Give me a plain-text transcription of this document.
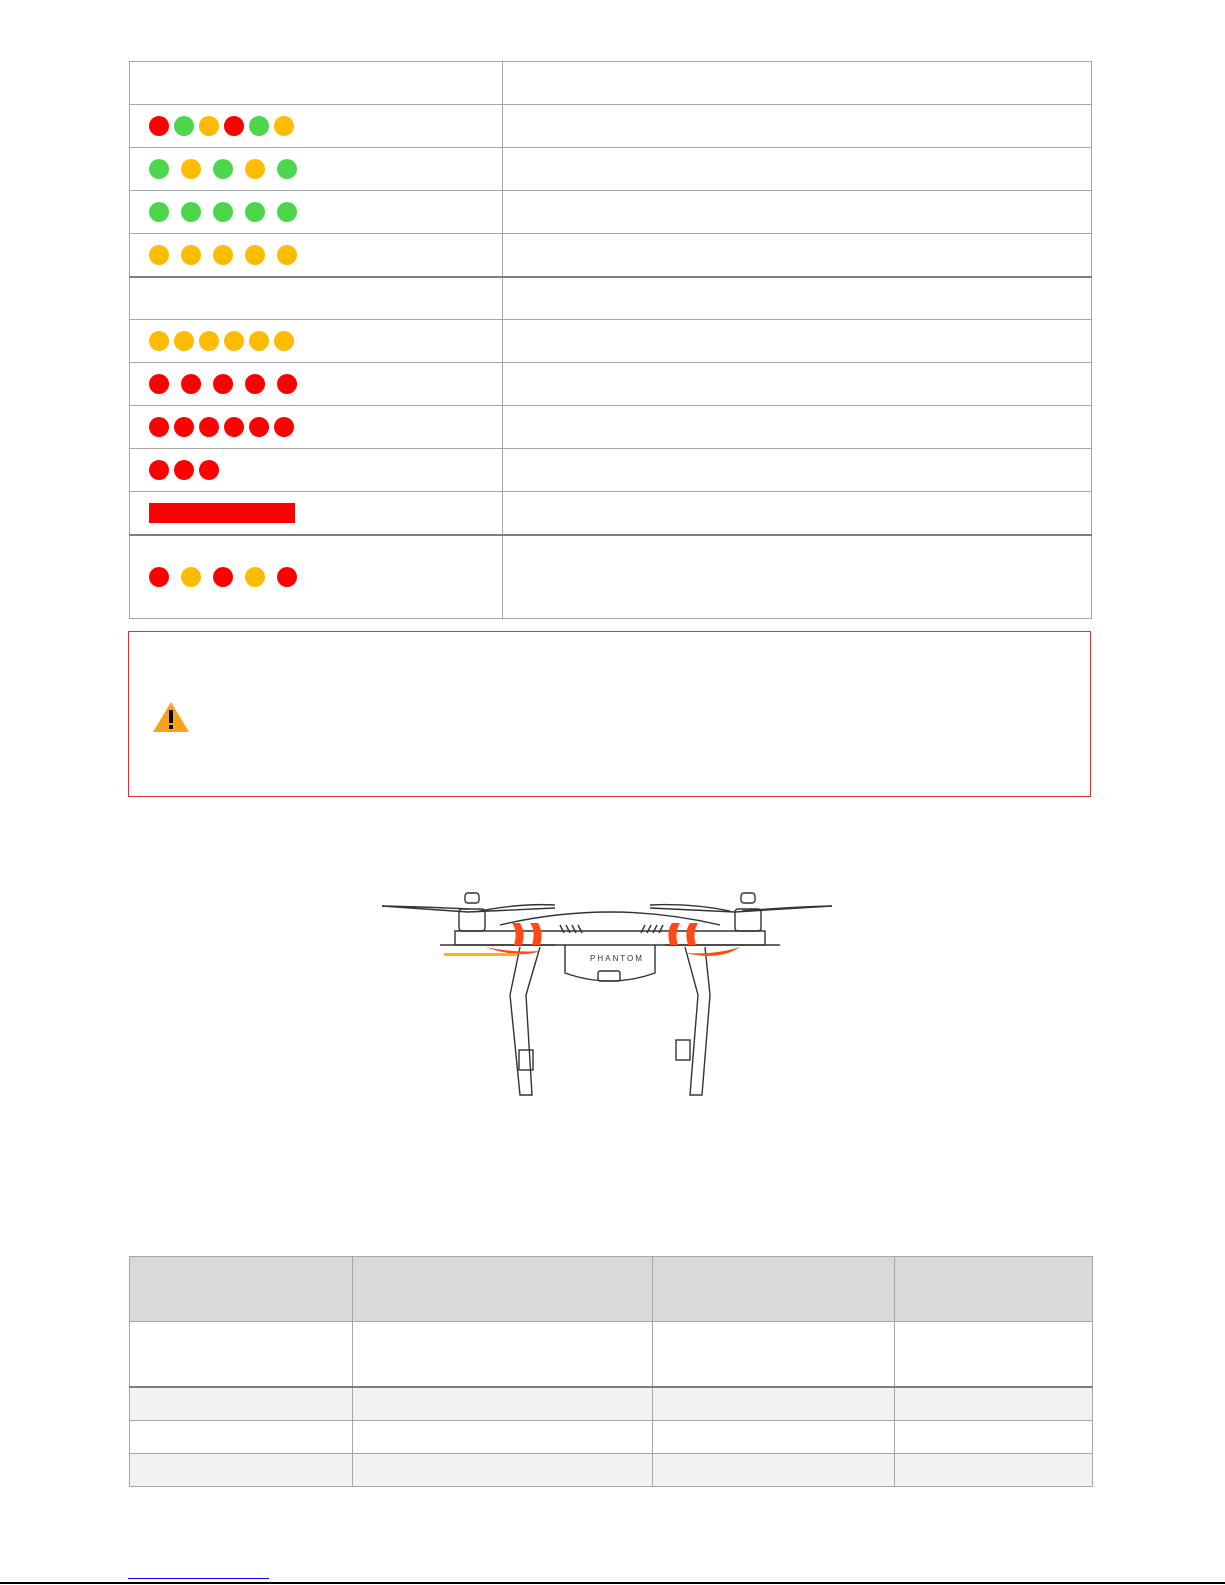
PHANTOM
